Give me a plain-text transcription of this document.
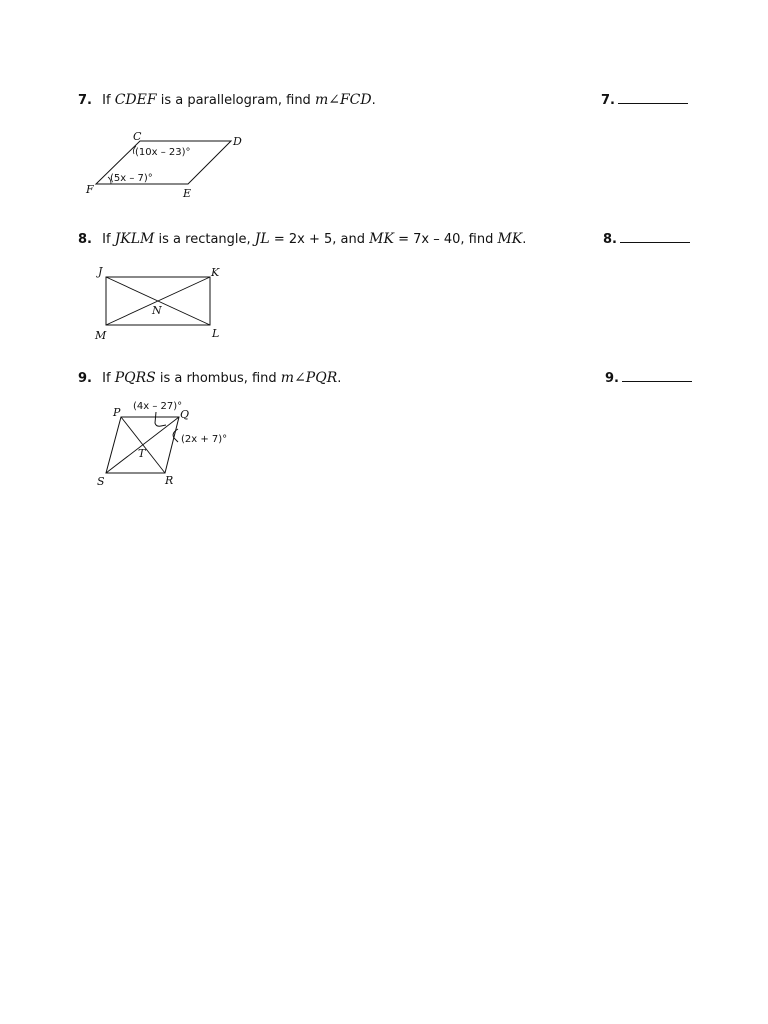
7. If CDEF is a parallelogram, find m∠FCD.	7.
C	D
E
F
(10x – 23)°
(5x – 7)°
8. If JKLM is a rectangle, JL = 2x + 5, and MK = 7x – 40, find MK.	8.
J	K
L
M
N
9. If PQRS is a rhombus, find m∠PQR.	9.
P	Q
R
S
T
(4x – 27)°
(2x + 7)°
